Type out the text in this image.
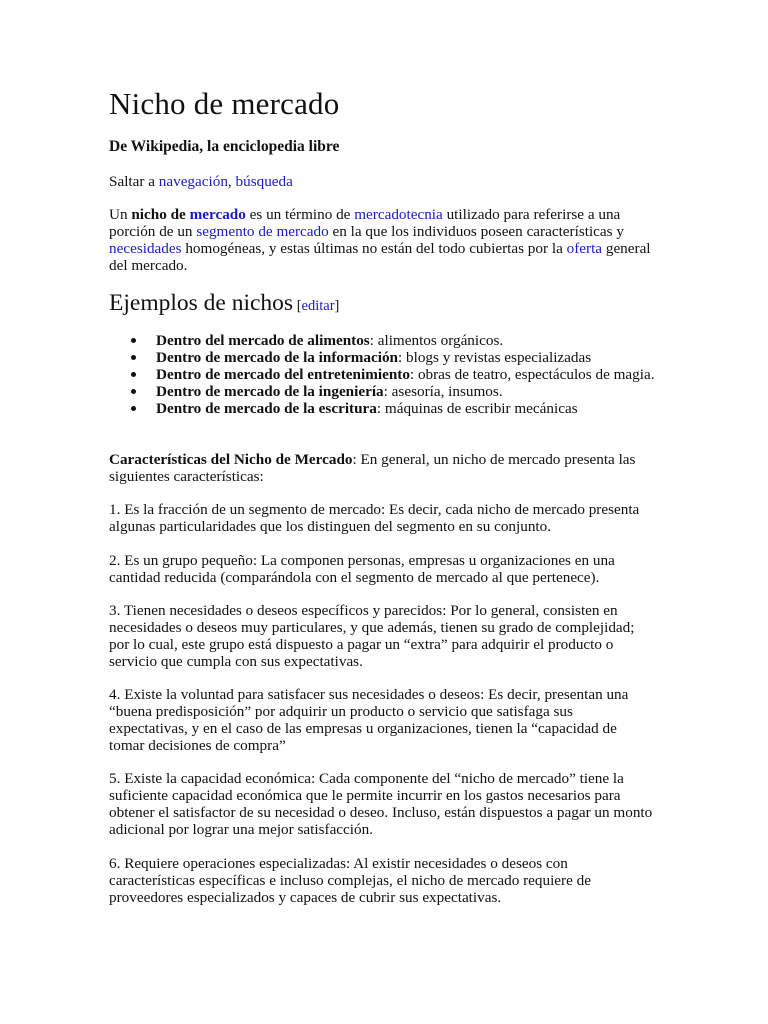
Nicho de mercado
De Wikipedia, la enciclopedia libre
Saltar a navegación, búsqueda

Un nicho de mercado es un término de mercadotecnia utilizado para referirse a una porción de un segmento de mercado en la que los individuos poseen características y necesidades homogéneas, y estas últimas no están del todo cubiertas por la oferta general del mercado.

Ejemplos de nichos [editar]
Dentro del mercado de alimentos: alimentos orgánicos.
Dentro de mercado de la información: blogs y revistas especializadas
Dentro de mercado del entretenimiento: obras de teatro, espectáculos de magia.
Dentro de mercado de la ingeniería: asesoría, insumos.
Dentro de mercado de la escritura: máquinas de escribir mecánicas

Características del Nicho de Mercado: En general, un nicho de mercado presenta las siguientes características:

1. Es la fracción de un segmento de mercado: Es decir, cada nicho de mercado presenta algunas particularidades que los distinguen del segmento en su conjunto.

2. Es un grupo pequeño: La componen personas, empresas u organizaciones en una cantidad reducida (comparándola con el segmento de mercado al que pertenece).

3. Tienen necesidades o deseos específicos y parecidos: Por lo general, consisten en necesidades o deseos muy particulares, y que además, tienen su grado de complejidad; por lo cual, este grupo está dispuesto a pagar un “extra” para adquirir el producto o servicio que cumpla con sus expectativas.

4. Existe la voluntad para satisfacer sus necesidades o deseos: Es decir, presentan una “buena predisposición” por adquirir un producto o servicio que satisfaga sus expectativas, y en el caso de las empresas u organizaciones, tienen la “capacidad de tomar decisiones de compra”

5. Existe la capacidad económica: Cada componente del “nicho de mercado” tiene la suficiente capacidad económica que le permite incurrir en los gastos necesarios para obtener el satisfactor de su necesidad o deseo. Incluso, están dispuestos a pagar un monto adicional por lograr una mejor satisfacción.

6. Requiere operaciones especializadas: Al existir necesidades o deseos con características específicas e incluso complejas, el nicho de mercado requiere de proveedores especializados y capaces de cubrir sus expectativas.
